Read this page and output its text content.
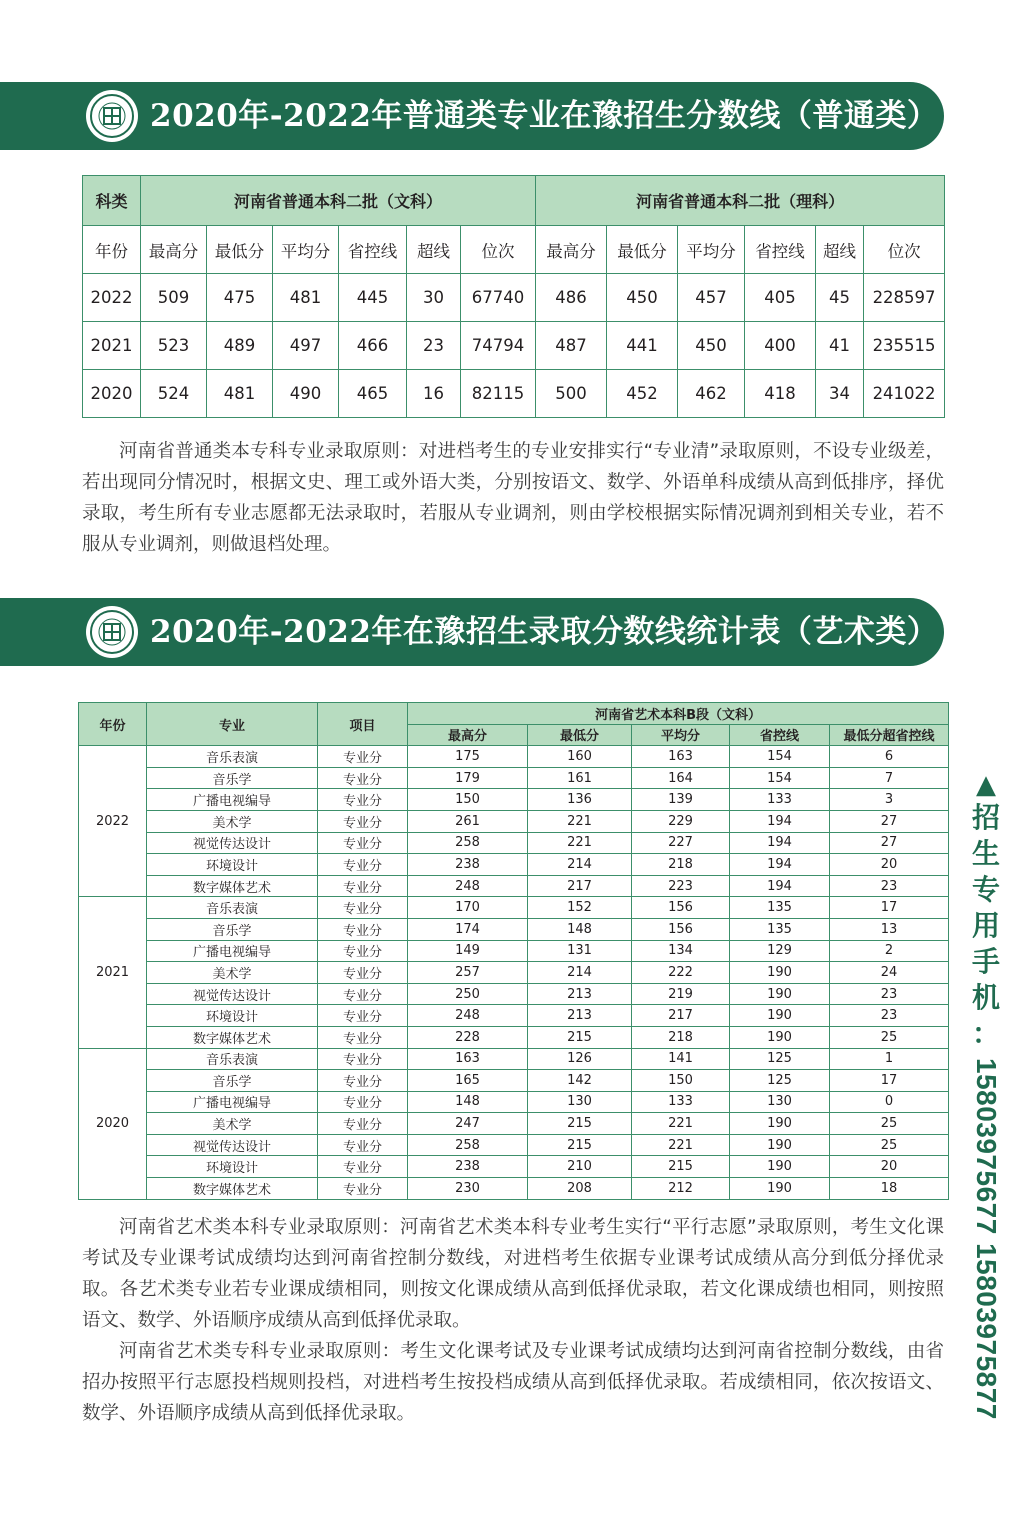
2020年-2022年普通类专业在豫招生分数线（普通类）
科类	河南省普通本科二批（文科）						河南省普通本科二批（理科）					
年份	最高分	最低分	平均分	省控线	超线	位次	最高分	最低分	平均分	省控线	超线	位次
2022	509	475	481	445	30	67740	486	450	457	405	45	228597
2021	523	489	497	466	23	74794	487	441	450	400	41	235515
2020	524	481	490	465	16	82115	500	452	462	418	34	241022
河南省普通类本专科专业录取原则：对进档考生的专业安排实行“专业清”录取原则，不设专业级差，若出现同分情况时，根据文史、理工或外语大类，分别按语文、数学、外语单科成绩从高到低排序，择优录取，考生所有专业志愿都无法录取时，若服从专业调剂，则由学校根据实际情况调剂到相关专业，若不服从专业调剂，则做退档处理。
2020年-2022年在豫招生录取分数线统计表（艺术类）
年份	专业	项目	河南省艺术本科B段（文科）				
			最高分	最低分	平均分	省控线	最低分超省控线
2022	音乐表演	专业分	175	160	163	154	6
	音乐学	专业分	179	161	164	154	7
	广播电视编导	专业分	150	136	139	133	3
	美术学	专业分	261	221	229	194	27
	视觉传达设计	专业分	258	221	227	194	27
	环境设计	专业分	238	214	218	194	20
	数字媒体艺术	专业分	248	217	223	194	23
2021	音乐表演	专业分	170	152	156	135	17
	音乐学	专业分	174	148	156	135	13
	广播电视编导	专业分	149	131	134	129	2
	美术学	专业分	257	214	222	190	24
	视觉传达设计	专业分	250	213	219	190	23
	环境设计	专业分	248	213	217	190	23
	数字媒体艺术	专业分	228	215	218	190	25
2020	音乐表演	专业分	163	126	141	125	1
	音乐学	专业分	165	142	150	125	17
	广播电视编导	专业分	148	130	133	130	0
	美术学	专业分	247	215	221	190	25
	视觉传达设计	专业分	258	215	221	190	25
	环境设计	专业分	238	210	215	190	20
	数字媒体艺术	专业分	230	208	212	190	18

河南省艺术类本科专业录取原则：河南省艺术类本科专业考生实行“平行志愿”录取原则，考生文化课考试及专业课考试成绩均达到河南省控制分数线，对进档考生依据专业课考试成绩从高分到低分择优录取。各艺术类专业若专业课成绩相同，则按文化课成绩从高到低择优录取，若文化课成绩也相同，则按照语文、数学、外语顺序成绩从高到低择优录取。

河南省艺术类专科专业录取原则：考生文化课考试及专业课考试成绩均达到河南省控制分数线，由省招办按照平行志愿投档规则投档，对进档考生按投档成绩从高到低择优录取。若成绩相同，依次按语文、数学、外语顺序成绩从高到低择优录取。

▲
招
生
专
用
手
机
：
15803975677 15803975877
